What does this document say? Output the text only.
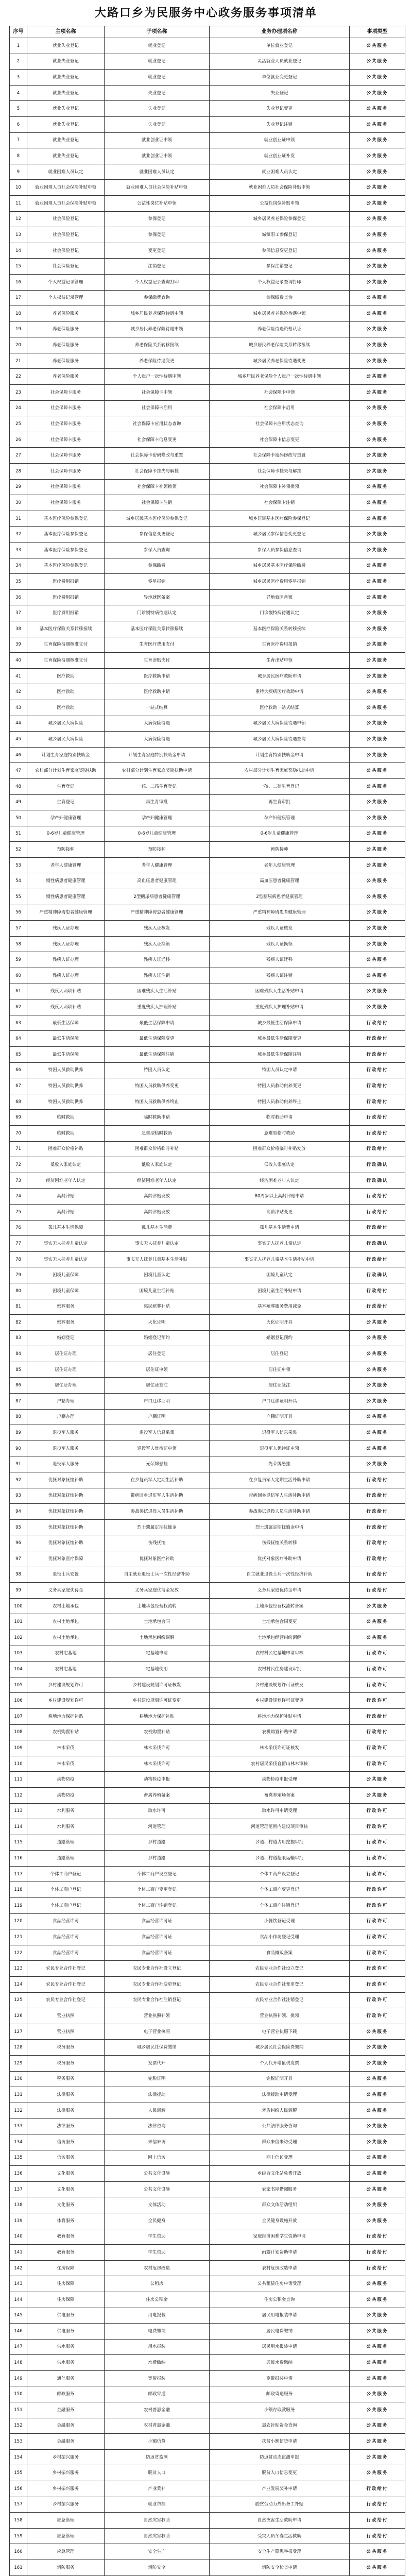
大路口乡为民服务中心政务服务事项清单
序号	主项名称	子项名称	业务办理项名称	事项类型
1	就业失业登记	就业登记	单位就业登记	公共服务
2	就业失业登记	就业登记	灵活就业人员就业登记	公共服务
3	就业失业登记	就业登记	单位就业变更登记	公共服务
4	就业失业登记	失业登记	失业登记	公共服务
5	就业失业登记	失业登记	失业登记变更	公共服务
6	就业失业登记	失业登记	失业登记注销	公共服务
7	就业失业登记	就业创业证申领	就业创业证申领	公共服务
8	就业失业登记	就业创业证申领	就业创业证补发	公共服务
9	就业困难人员认定	就业困难人员认定	就业困难人员认定	公共服务
10	就业困难人员社会保险补贴申领	就业困难人员社会保险补贴申领	就业困难人员社会保险补贴申领	公共服务
11	就业困难人员社会保险补贴申领	公益性岗位补贴申领	公益性岗位补贴申领	公共服务
12	社会保险登记	参保登记	城乡居民养老保险参保登记	公共服务
13	社会保险登记	参保登记	城镇职工参保登记	公共服务
14	社会保险登记	变更登记	参保信息变更登记	公共服务
15	社会保险登记	注销登记	参保注销登记	公共服务
16	个人权益记录管理	个人权益记录查询打印	个人权益记录查询打印	公共服务
17	个人权益记录管理	参保缴费查询	参保缴费查询	公共服务
18	养老保险服务	城乡居民养老保险待遇申领	城乡居民养老保险待遇申领	公共服务
19	养老保险服务	城乡居民养老保险待遇申领	养老保险待遇资格认证	公共服务
20	养老保险服务	养老保险关系转移接续	城乡居民养老保险关系转移接续	公共服务
21	养老保险服务	养老保险待遇变更	城乡居民养老保险待遇变更	公共服务
22	养老保险服务	个人账户一次性待遇申领	城乡居民养老保险个人账户一次性待遇申领	公共服务
23	社会保障卡服务	社会保障卡申领	社会保障卡申领	公共服务
24	社会保障卡服务	社会保障卡启用	社会保障卡启用	公共服务
25	社会保障卡服务	社会保障卡应用状态查询	社会保障卡应用状态查询	公共服务
26	社会保障卡服务	社会保障卡信息变更	社会保障卡信息变更	公共服务
27	社会保障卡服务	社会保障卡密码修改与重置	社会保障卡密码修改与重置	公共服务
28	社会保障卡服务	社会保障卡挂失与解挂	社会保障卡挂失与解挂	公共服务
29	社会保障卡服务	社会保障卡补领换领	社会保障卡补领换领	公共服务
30	社会保障卡服务	社会保障卡注销	社会保障卡注销	公共服务
31	基本医疗保险参保登记	城乡居民基本医疗保险参保登记	城乡居民基本医疗保险参保登记	公共服务
32	基本医疗保险参保登记	参保信息变更登记	城乡居民参保信息变更登记	公共服务
33	基本医疗保险参保登记	参保人员查询	参保人员参保信息查询	公共服务
34	基本医疗保险参保登记	参保缴费	城乡居民基本医疗保险缴费	公共服务
35	医疗费用报销	零星报销	城乡居民医疗费用零星报销	公共服务
36	医疗费用报销	异地就医备案	异地就医备案	公共服务
37	医疗费用报销	门诊慢特病待遇认定	门诊慢特病待遇认定	公共服务
38	基本医疗保险关系转移接续	基本医疗保险关系转移接续	基本医疗保险关系转移接续	公共服务
39	生育保险待遇核准支付	生育医疗费用支付	生育医疗费用报销	公共服务
40	生育保险待遇核准支付	生育津贴支付	生育津贴申领	公共服务
41	医疗救助	医疗救助申请	城乡居民医疗救助申请	公共服务
42	医疗救助	医疗救助申请	重特大疾病医疗救助申请	公共服务
43	医疗救助	一站式结算	医疗救助一站式结算	公共服务
44	城乡居民大病保险	大病保险待遇	城乡居民大病保险待遇申领	公共服务
45	城乡居民大病保险	大病保险待遇	城乡居民大病保险待遇查询	公共服务
46	计划生育家庭特别扶助金	计划生育家庭特别扶助金申请	计划生育特别扶助金申请	公共服务
47	农村部分计划生育家庭奖励扶助	农村部分计划生育家庭奖励扶助申请	农村部分计划生育家庭奖励扶助申请	公共服务
48	生育登记	一孩、二孩生育登记	一孩、二孩生育登记	公共服务
49	生育登记	再生育审批	再生育审批	公共服务
50	孕产妇健康管理	孕产妇健康管理	孕产妇健康管理	公共服务
51	0-6岁儿童健康管理	0-6岁儿童健康管理	0-6岁儿童健康管理	公共服务
52	预防接种	预防接种	预防接种	公共服务
53	老年人健康管理	老年人健康管理	老年人健康管理	公共服务
54	慢性病患者健康管理	高血压患者健康管理	高血压患者健康管理	公共服务
55	慢性病患者健康管理	2型糖尿病患者健康管理	2型糖尿病患者健康管理	公共服务
56	严重精神障碍患者健康管理	严重精神障碍患者健康管理	严重精神障碍患者健康管理	公共服务
57	残疾人证办理	残疾人证核发	残疾人证核发	公共服务
58	残疾人证办理	残疾人证换领	残疾人证换领	公共服务
59	残疾人证办理	残疾人证迁移	残疾人证迁移	公共服务
60	残疾人证办理	残疾人证注销	残疾人证注销	公共服务
61	残疾人两项补贴	困难残疾人生活补贴	困难残疾人生活补贴申请	公共服务
62	残疾人两项补贴	重度残疾人护理补贴	重度残疾人护理补贴申请	公共服务
63	最低生活保障	最低生活保障申请	城乡最低生活保障申请	行政给付
64	最低生活保障	最低生活保障变更	城乡最低生活保障变更	行政给付
65	最低生活保障	最低生活保障注销	城乡最低生活保障注销	行政给付
66	特困人员救助供养	特困人员认定	特困人员认定申请	行政给付
67	特困人员救助供养	特困人员救助供养变更	特困人员救助供养变更	行政给付
68	特困人员救助供养	特困人员救助供养终止	特困人员救助供养终止	行政给付
69	临时救助	临时救助申请	临时救助申请	行政给付
70	临时救助	急难型临时救助	急难型临时救助	行政给付
71	困难群众价格补贴	困难群众价格临时补贴	困难群众价格临时补贴发放	行政给付
72	低收入家庭认定	低收入家庭认定	低收入家庭认定	行政确认
73	经济困难老年人认定	经济困难老年人认定	经济困难老年人认定	行政确认
74	高龄津贴	高龄津贴发放	80周岁以上高龄津贴申请	行政给付
75	高龄津贴	高龄津贴发放	高龄津贴变更	行政给付
76	孤儿基本生活保障	孤儿基本生活费	孤儿基本生活费申请	行政给付
77	事实无人抚养儿童认定	事实无人抚养儿童认定	事实无人抚养儿童认定	行政确认
78	事实无人抚养儿童认定	事实无人抚养儿童基本生活补贴	事实无人抚养儿童基本生活补贴申请	行政给付
79	困境儿童保障	困境儿童认定	困境儿童认定	行政确认
80	困境儿童保障	困境儿童生活补贴	困境儿童生活补贴申请	行政给付
81	殡葬服务	惠民殡葬补贴	基本殡葬服务费用减免	行政给付
82	殡葬服务	火化证明	火化证明开具	公共服务
83	婚姻登记	婚姻登记预约	婚姻登记预约	公共服务
84	居住证办理	居住登记	居住登记	公共服务
85	居住证办理	居住证申领	居住证申领	公共服务
86	居住证办理	居住证签注	居住证签注	公共服务
87	户籍办理	户口迁移证明	户口迁移证明开具	公共服务
88	户籍办理	户籍证明	户籍证明开具	公共服务
89	退役军人服务	退役军人信息采集	退役军人信息采集	公共服务
90	退役军人服务	退役军人优待证申领	退役军人优待证申领	公共服务
91	退役军人服务	光荣牌悬挂	光荣牌悬挂	公共服务
92	优抚对象抚恤补助	在乡复员军人定期生活补助	在乡复员军人定期生活补助申请	行政给付
93	优抚对象抚恤补助	带病回乡退伍军人生活补助	带病回乡退伍军人生活补助申请	行政给付
94	优抚对象抚恤补助	参战参试退役人员生活补助	参战参试退役人员生活补助申请	行政给付
95	优抚对象抚恤补助	烈士遗属定期抚恤金	烈士遗属定期抚恤金申请	行政给付
96	优抚对象抚恤补助	伤残抚恤	伤残抚恤关系转移	行政给付
97	优抚对象医疗保障	优抚对象医疗补助	优抚对象医疗补助申请	行政给付
98	退役士兵安置	自主就业退役士兵一次性经济补助	自主就业退役士兵一次性经济补助	行政给付
99	义务兵家庭优待金	义务兵家庭优待金发放	义务兵家庭优待金申请	行政给付
100	农村土地承包	土地承包经营权流转	土地承包经营权流转备案	公共服务
101	农村土地承包	土地承包合同	土地承包合同变更	公共服务
102	农村土地承包	土地承包纠纷调解	土地承包经营纠纷调解	公共服务
103	农村宅基地	宅基地申请	农村村民宅基地申请审核	行政许可
104	农村宅基地	宅基地使用	农村村民住房建设审批	行政许可
105	乡村建设规划许可	乡村建设规划许可证核发	乡村建设规划许可证核发	行政许可
106	乡村建设规划许可	乡村建设规划许可证变更	乡村建设规划许可证变更	行政许可
107	耕地地力保护补贴	耕地地力保护补贴	耕地地力保护补贴申请	行政给付
108	农机购置补贴	农机购置补贴	农机购置补贴申请	行政给付
109	林木采伐	林木采伐许可	林木采伐许可证核发	行政许可
110	林木采伐	林木采伐许可	农村居民采伐自留山林木审核	行政许可
111	动物防疫	动物检疫申报	动物检疫申报受理	公共服务
112	动物防疫	畜禽养殖备案	畜禽养殖场备案	公共服务
113	水利服务	取水许可	取水许可申请受理	行政许可
114	水利服务	河道管理	河道管理范围内建设项目审核	行政许可
115	道路管理	乡村道路	乡道、村道占用挖掘审批	行政许可
116	道路管理	乡村道路	乡道、村道超限运输审批	行政许可
117	个体工商户登记	个体工商户设立登记	个体工商户设立登记	行政许可
118	个体工商户登记	个体工商户变更登记	个体工商户变更登记	行政许可
119	个体工商户登记	个体工商户注销登记	个体工商户注销登记	行政许可
120	食品经营许可	食品经营许可证	小餐饮登记受理	行政许可
121	食品经营许可	食品经营许可证	食品小作坊登记受理	行政许可
122	食品经营许可	食品经营许可证	食品摊贩备案	行政许可
123	农民专业合作社登记	农民专业合作社设立登记	农民专业合作社设立登记	行政许可
124	农民专业合作社登记	农民专业合作社变更登记	农民专业合作社变更登记	行政许可
125	农民专业合作社登记	农民专业合作社注销登记	农民专业合作社注销登记	行政许可
126	营业执照	营业执照补领	营业执照补领、换领	行政许可
127	营业执照	电子营业执照	电子营业执照下载	公共服务
128	税务服务	城乡居民社保费缴纳	城乡居民社会保险费缴纳	公共服务
129	税务服务	发票代开	个人代开增值税发票	公共服务
130	税务服务	完税证明	完税证明开具	公共服务
131	法律服务	法律援助	法律援助申请受理	公共服务
132	法律服务	人民调解	矛盾纠纷人民调解	公共服务
133	法律服务	法律咨询	公共法律服务咨询	公共服务
134	信访服务	来信来访	群众来信来访受理	公共服务
135	信访服务	网上信访	网上信访受理	公共服务
136	文化服务	公共文化设施	乡综合文化站免费开放	公共服务
137	文化服务	公共文化设施	农家书屋借阅服务	公共服务
138	文化服务	文体活动	群众文体活动组织	公共服务
139	体育服务	全民健身	全民健身设施开放	公共服务
140	教育服务	学生资助	家庭经济困难学生资助申请	行政给付
141	教育服务	学生资助	雨露计划资助申请	行政给付
142	住房保障	农村危房改造	农村危房改造申请	行政给付
143	住房保障	公租房	公共租赁住房申请受理	公共服务
144	住房保障	住房公积金	住房公积金查询	公共服务
145	供电服务	用电报装	居民用电报装申请	公共服务
146	供电服务	电费缴纳	居民电费缴纳	公共服务
147	供水服务	用水报装	居民用水报装申请	公共服务
148	供水服务	水费缴纳	居民水费缴纳	公共服务
149	通信服务	宽带报装	宽带报装申请	公共服务
150	邮政服务	邮政寄递	邮政寄递服务	公共服务
151	金融服务	农村普惠金融	小额存取款服务	公共服务
152	金融服务	农村普惠金融	惠农补贴资金查询	公共服务
153	金融服务	小额信贷	扶贫小额信贷申请	公共服务
154	乡村振兴服务	防返贫监测	防返贫动态监测申报	公共服务
155	乡村振兴服务	脱贫人口	脱贫人口信息变更	公共服务
156	乡村振兴服务	产业奖补	产业发展奖补申请	行政给付
157	乡村振兴服务	就业帮扶	脱贫劳动力外出务工补贴	行政给付
158	应急管理	自然灾害救助	自然灾害生活救助申请	行政给付
159	应急管理	自然灾害救助	受灾人员冬春生活救助	行政给付
160	应急管理	安全生产	安全生产隐患举报受理	公共服务
161	消防服务	消防安全	消防安全检查申请	公共服务
